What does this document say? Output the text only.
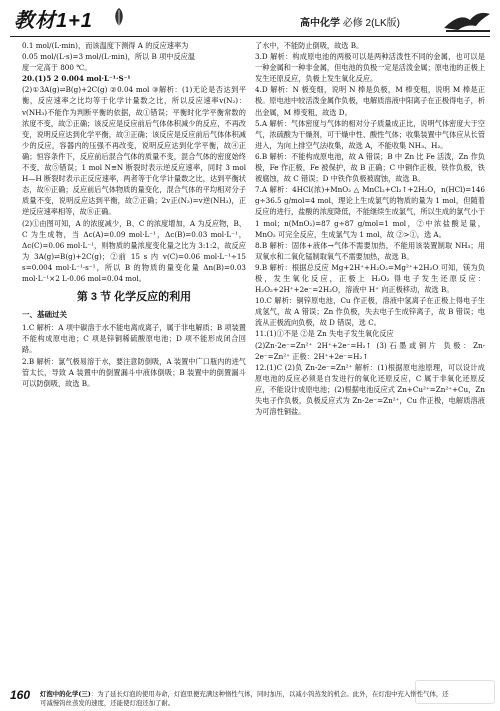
教材1+1	高中化学 必修 2(LK版)

0.1 mol/(L·min)，而该温度下测得 A 的反应速率为

0.05 mol/(L·s)=3 mol/(L·min)，所以 B 项中反应温

度一定高于 800 ℃。

20.(1)5 2 0.004 mol·L⁻¹·S⁻¹

(2)①3A(g)⇌B(g)+2C(g) ②0.04 mol ③解析：(1)无论是否达到平衡，反应速率之比均等于化学计量数之比，所以反应速率v(N₂)：v(NH₃)不能作为判断平衡的依据，故①错误；平衡时化学平衡常数的浓度不变，故②正确；该反应是反应前后气体体积减少的反应，不再改变，说明反应达到化学平衡，故③正确；该反应是反应前后气体体积减少的反应，容器内的压强不再改变，说明反应达到化学平衡，故④正确；恒容条件下，反应前后混合气体的质量不变，混合气体的密度始终不变，故⑤错误；1 mol N≡N 断裂时表示逆反应速率，同时 3 mol H—H 断裂时表示正反应速率，两者等于化学计量数之比，达到平衡状态，故⑥正确；反应前后气体物质的量变化，混合气体的平均相对分子质量不变，说明反应达到平衡，故⑦正确；2v正(N₂)=v逆(NH₃)，正逆反应速率相等，故⑧正确。

(2)①由图可知，A 的浓度减少，B、C 的浓度增加，A 为反应物，B、C 为生成物，当 Δc(A)=0.09 mol·L⁻¹，Δc(B)=0.03 mol·L⁻¹，Δc(C)=0.06 mol·L⁻¹，则物质的量浓度变化量之比为 3:1:2，故反应为 3A(g)⇌B(g)+2C(g)；②前 15 s 内 v(C)=0.06 mol·L⁻¹÷15 s=0.004 mol·L⁻¹·s⁻¹，所以 B 的物质的量变化量 Δn(B)=0.03 mol·L⁻¹×2 L-0.06 mol=0.04 mol。

第 3 节 化学反应的利用
一、基础过关

1.C 解析：A 项中碳溶于水不能电离成离子，属于非电解质；B 项装置不能构成原电池；C 项是锌铜稀硫酸原电池；D 项不能形成闭合回路。

2.B 解析：氯气极易溶于水，要注意防倒吸，A 装置中广口瓶内的进气管太长，导致 A 装置中的倒置漏斗中液体倒吸；B 装置中的倒置漏斗可以防倒吸，故选 B。

了水中，不能防止倒吸，故选 B。

3.D 解析：构成原电池的两极可以是两种活泼性不同的金属，也可以是一种金属和一种非金属，但电池的负极一定是活泼金属；原电池的正极上发生还原反应，负极上发生氧化反应。

4.D 解析：N 极变细，说明 N 棒是负极，M 棒变粗，说明 M 棒是正极。原电池中较活泼金属作负极，电解质溶液中阳离子在正极得电子，析出金属，M 棒变粗，故选 D。

5.A 解析：气体密度与气体的相对分子质量成正比，说明气体密度大于空气，浓硫酸为干燥剂，可干燥中性、酸性气体；收集装置中气体应从长管进入，为向上排空气法收集，故选 A，不能收集 NH₃、H₂。

6.B 解析：不能构成原电池，故 A 错误；B 中 Zn 比 Fe 活泼，Zn 作负极，Fe 作正极，Fe 被保护，故 B 正确；C 中铜作正极，铁作负极，铁被腐蚀，故 C 错误；D 中铁作负极被腐蚀，故选 B。

7.A 解析：4HCl(浓)+MnO₂ △ MnCl₂+Cl₂↑+2H₂O，n(HCl)=146 g÷36.5 g/mol=4 mol，理论上生成氯气的物质的量为 1 mol，但随着反应的进行，盐酸的浓度降低，不能继续生成氯气，所以生成的氯气小于 1 mol；n(MnO₂)=87 g÷87 g/mol=1 mol，②中浓盐酸足量，MnO₂ 可完全反应，生成氯气为 1 mol，故 ②>①，选 A。

8.B 解析：固体+液体→气体不需要加热，不能用该装置制取 NH₃；用双氧水和二氧化锰制取氧气不需要加热，故选 B。

9.B 解析：根据总反应 Mg+2H⁺+H₂O₂=Mg²⁺+2H₂O 可知，镁为负极，发生氧化反应，正极上 H₂O₂ 得电子发生还原反应：H₂O₂+2H⁺+2e⁻=2H₂O，溶液中 H⁺ 向正极移动，故选 B。

10.C 解析：铜锌原电池，Cu 作正极，溶液中氢离子在正极上得电子生成氢气，故 A 错误；Zn 作负极，失去电子生成锌离子，故 B 错误；电流从正极流向负极，故 D 错误，选 C。

11.(1)①不是 ②是 Zn 失电子发生氧化反应

(2)Zn-2e⁻=Zn²⁺ 2H⁺+2e⁻=H₂↑ (3)石墨或铜片 负极：Zn-2e⁻=Zn²⁺ 正极：2H⁺+2e⁻=H₂↑

12.(1)C (2)负 Zn-2e⁻=Zn²⁺ 解析：(1)根据原电池原理，可以设计成原电池的反应必须是自发进行的氧化还原反应，C 属于非氧化还原反应，不能设计成原电池；(2)根据电池反应式 Zn+Cu²⁺=Zn²⁺+Cu，Zn 失电子作负极，负极反应式为 Zn-2e⁻=Zn²⁺，Cu 作正极，电解质溶液为可溶性铜盐。

160 灯泡中的化学(三)：为了延长灯泡的使用寿命，灯泡里便充满这种惰性气体，同时加压，以减小钨蒸发的机会。此外，在灯泡中充入惰性气体，还可减慢钨丝蒸发的速度，还能使灯泡还加了耐。
